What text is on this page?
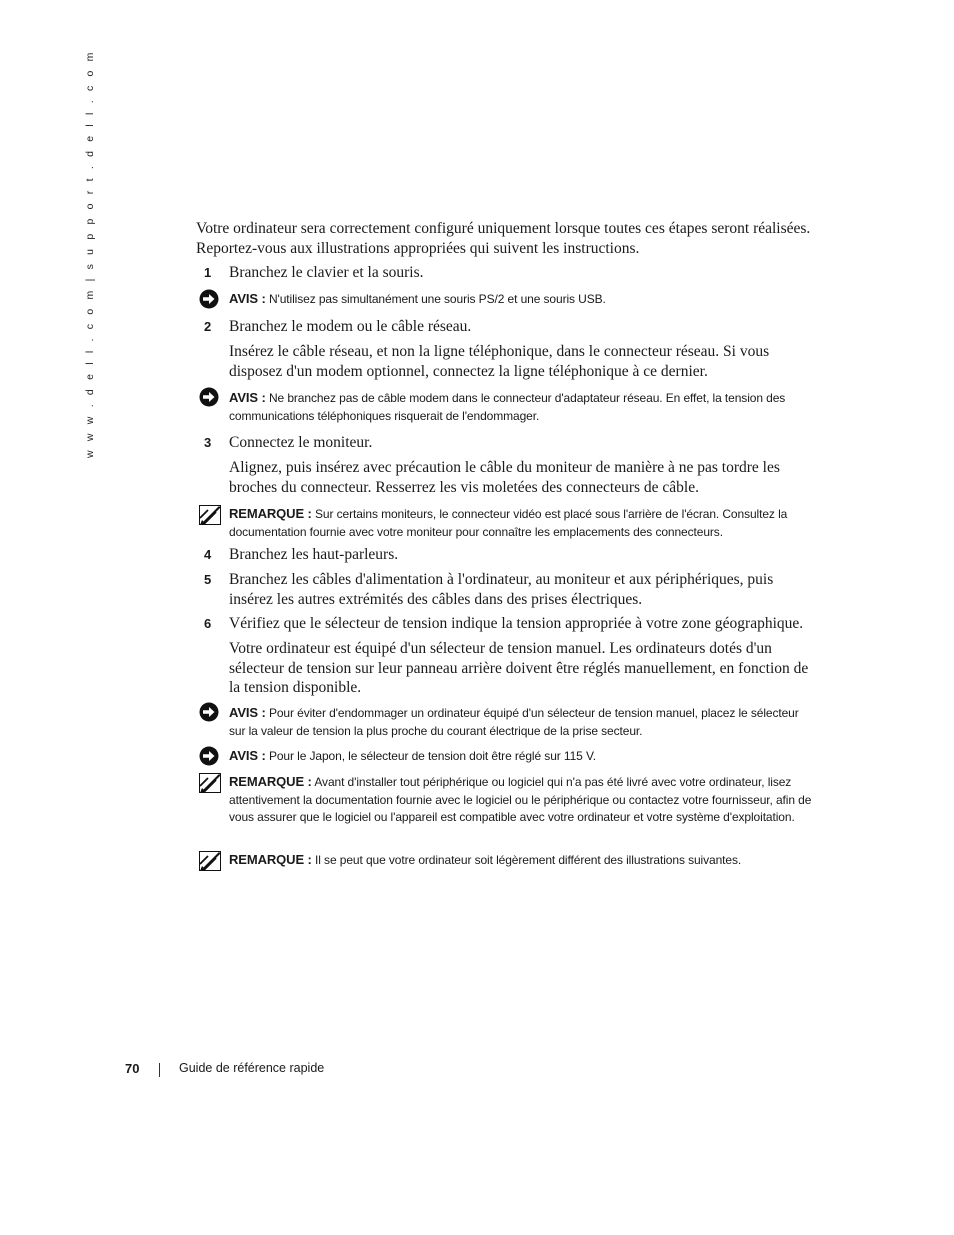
w w w . d e l l . c o m | s u p p o r t . d e l l . c o m	Votre ordinateur sera correctement configuré uniquement lorsque toutes ces étapes seront réalisées. Reportez-vous aux illustrations appropriées qui suivent les instructions.
1 Branchez le clavier et la souris.
AVIS : N'utilisez pas simultanément une souris PS/2 et une souris USB.
2 Branchez le modem ou le câble réseau.
Insérez le câble réseau, et non la ligne téléphonique, dans le connecteur réseau. Si vous disposez d'un modem optionnel, connectez la ligne téléphonique à ce dernier.
AVIS : Ne branchez pas de câble modem dans le connecteur d'adaptateur réseau. En effet, la tension des communications téléphoniques risquerait de l'endommager.
3 Connectez le moniteur.
Alignez, puis insérez avec précaution le câble du moniteur de manière à ne pas tordre les broches du connecteur. Resserrez les vis moletées des connecteurs de câble.
REMARQUE : Sur certains moniteurs, le connecteur vidéo est placé sous l'arrière de l'écran. Consultez la documentation fournie avec votre moniteur pour connaître les emplacements des connecteurs.
4 Branchez les haut-parleurs.
5 Branchez les câbles d'alimentation à l'ordinateur, au moniteur et aux périphériques, puis insérez les autres extrémités des câbles dans des prises électriques.
6 Vérifiez que le sélecteur de tension indique la tension appropriée à votre zone géographique.
Votre ordinateur est équipé d'un sélecteur de tension manuel. Les ordinateurs dotés d'un sélecteur de tension sur leur panneau arrière doivent être réglés manuellement, en fonction de la tension disponible.
AVIS : Pour éviter d'endommager un ordinateur équipé d'un sélecteur de tension manuel, placez le sélecteur sur la valeur de tension la plus proche du courant électrique de la prise secteur.
AVIS : Pour le Japon, le sélecteur de tension doit être réglé sur 115 V.
REMARQUE : Avant d'installer tout périphérique ou logiciel qui n'a pas été livré avec votre ordinateur, lisez attentivement la documentation fournie avec le logiciel ou le périphérique ou contactez votre fournisseur, afin de vous assurer que le logiciel ou l'appareil est compatible avec votre ordinateur et votre système d'exploitation.
REMARQUE : Il se peut que votre ordinateur soit légèrement différent des illustrations suivantes.
70	Guide de référence rapide
